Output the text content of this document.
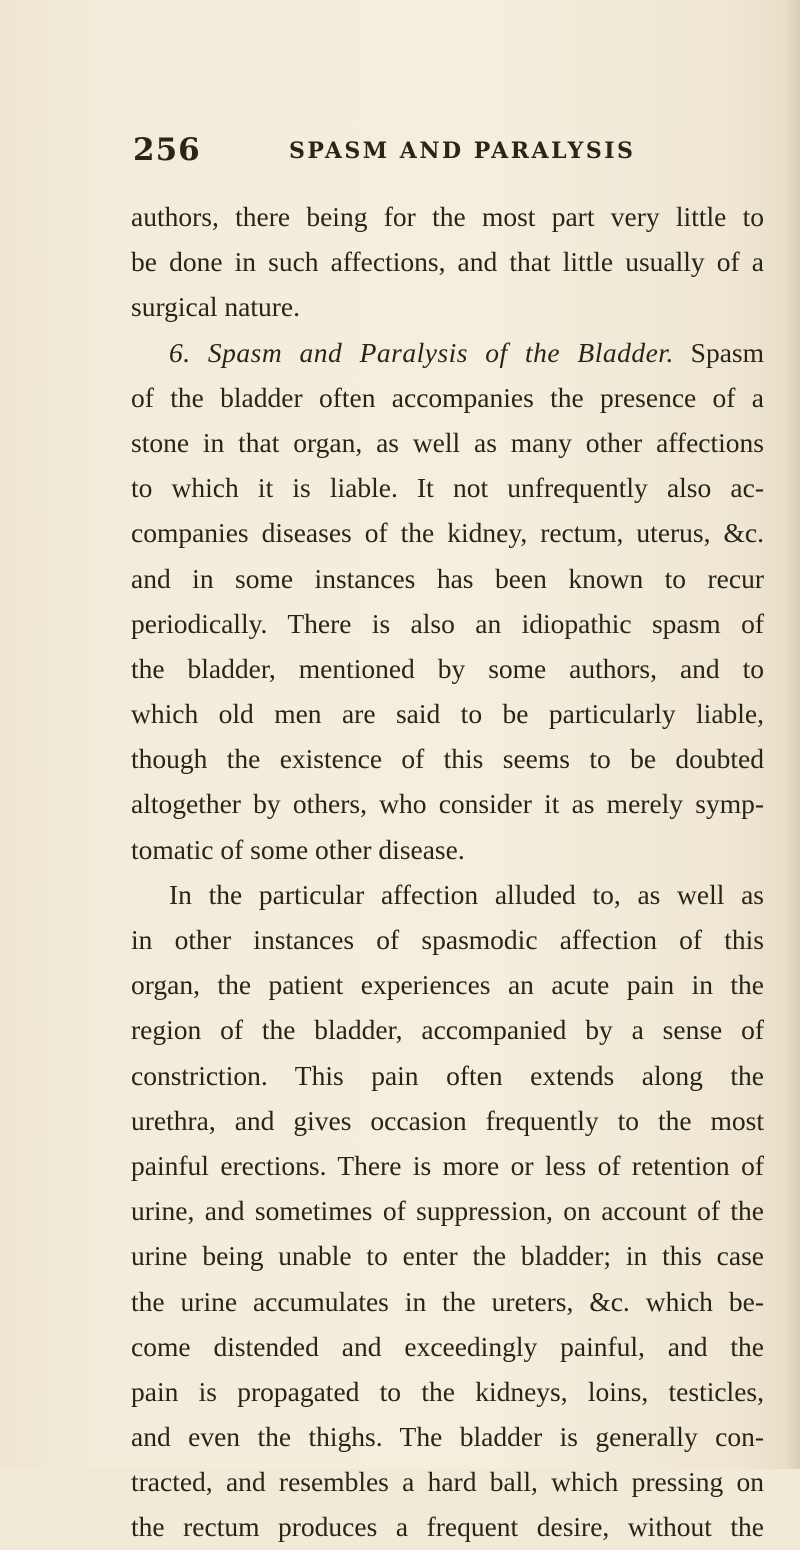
256	SPASM AND PARALYSIS
authors, there being for the most part very little to
be done in such affections, and that little usually of a
surgical nature.
6. Spasm and Paralysis of the Bladder. Spasm
of the bladder often accompanies the presence of a
stone in that organ, as well as many other affections
to which it is liable. It not unfrequently also ac-
companies diseases of the kidney, rectum, uterus, &c.
and in some instances has been known to recur
periodically. There is also an idiopathic spasm of
the bladder, mentioned by some authors, and to
which old men are said to be particularly liable,
though the existence of this seems to be doubted
altogether by others, who consider it as merely symp-
tomatic of some other disease.
In the particular affection alluded to, as well as
in other instances of spasmodic affection of this
organ, the patient experiences an acute pain in the
region of the bladder, accompanied by a sense of
constriction. This pain often extends along the
urethra, and gives occasion frequently to the most
painful erections. There is more or less of retention of
urine, and sometimes of suppression, on account of the
urine being unable to enter the bladder; in this case
the urine accumulates in the ureters, &c. which be-
come distended and exceedingly painful, and the
pain is propagated to the kidneys, loins, testicles,
and even the thighs. The bladder is generally con-
tracted, and resembles a hard ball, which pressing on
the rectum produces a frequent desire, without the
